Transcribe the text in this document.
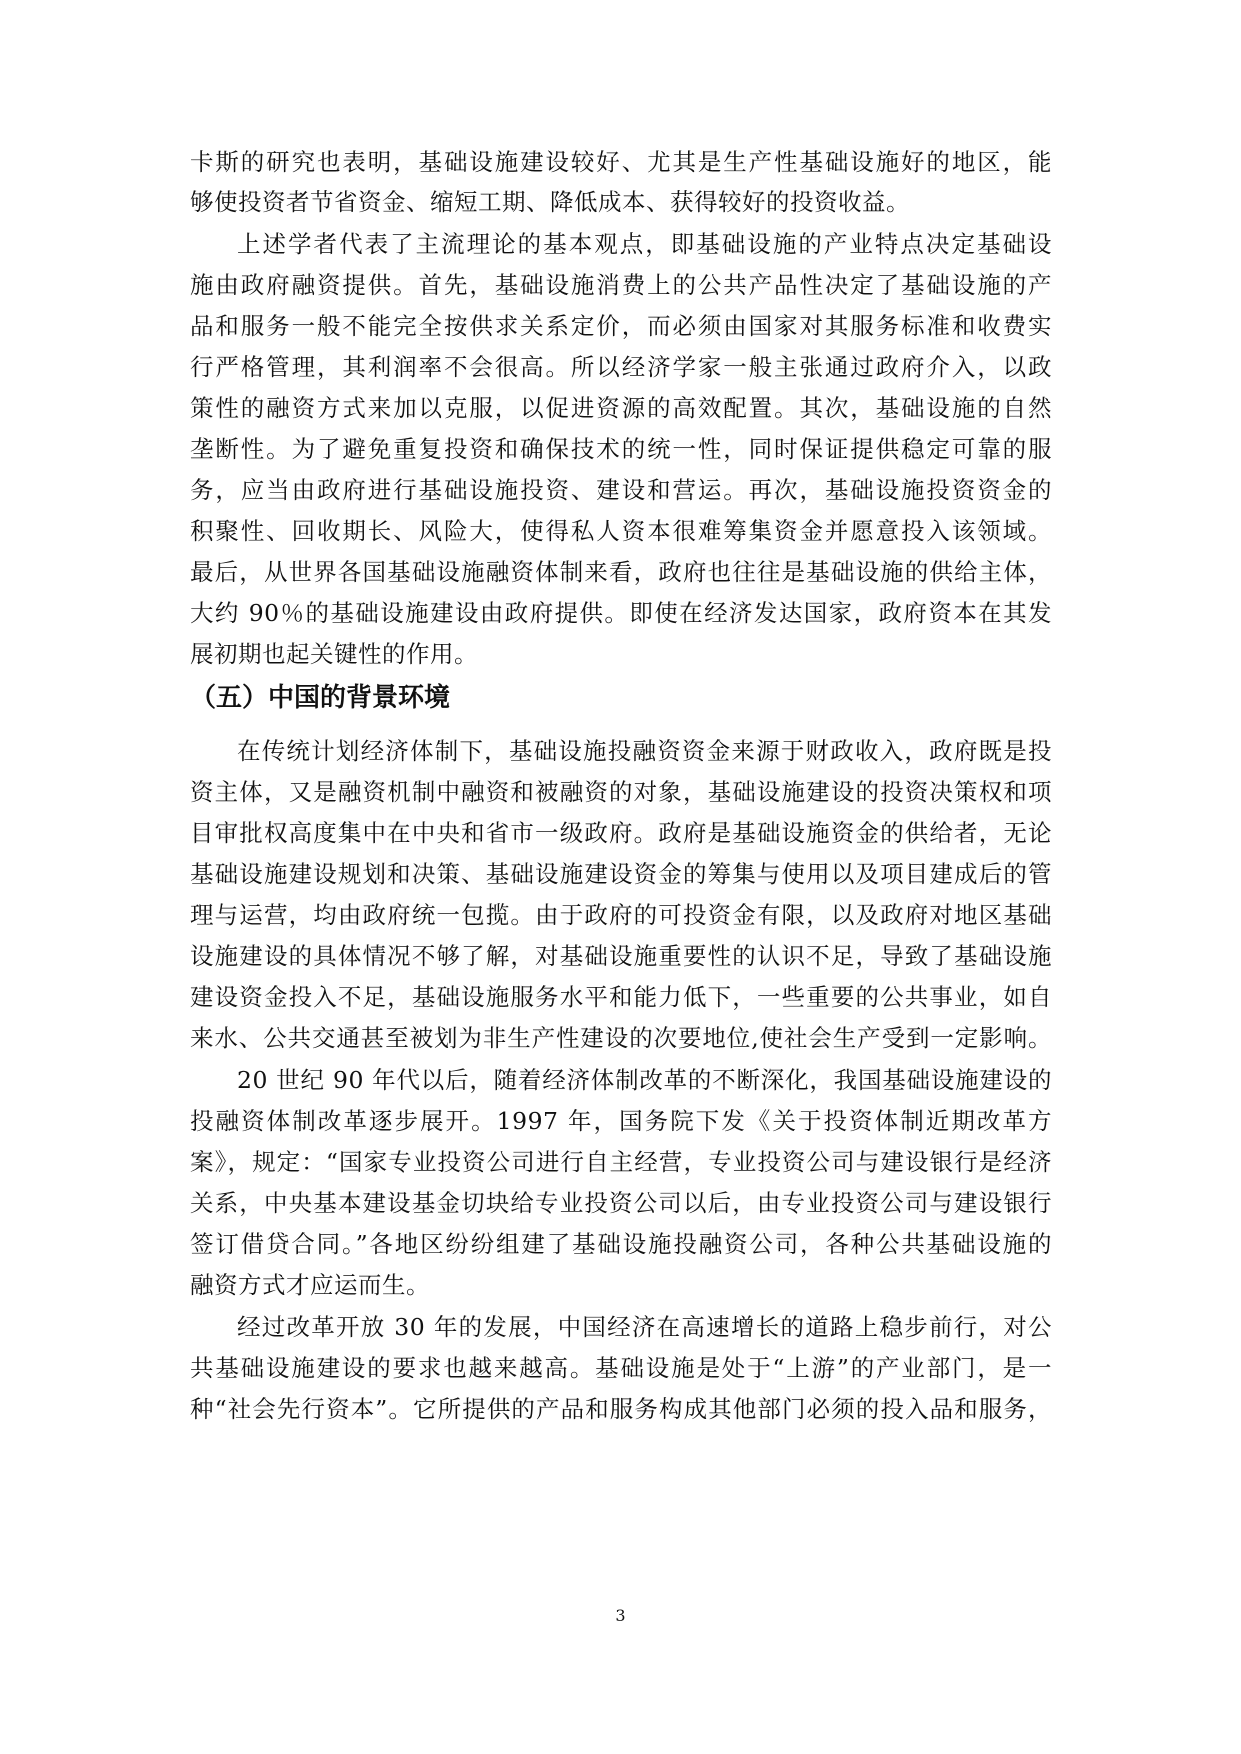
卡斯的研究也表明，基础设施建设较好、尤其是生产性基础设施好的地区，能
够使投资者节省资金、缩短工期、降低成本、获得较好的投资收益。
上述学者代表了主流理论的基本观点，即基础设施的产业特点决定基础设
施由政府融资提供。首先，基础设施消费上的公共产品性决定了基础设施的产
品和服务一般不能完全按供求关系定价，而必须由国家对其服务标准和收费实
行严格管理，其利润率不会很高。所以经济学家一般主张通过政府介入，以政
策性的融资方式来加以克服，以促进资源的高效配置。其次，基础设施的自然
垄断性。为了避免重复投资和确保技术的统一性，同时保证提供稳定可靠的服
务，应当由政府进行基础设施投资、建设和营运。再次，基础设施投资资金的
积聚性、回收期长、风险大，使得私人资本很难筹集资金并愿意投入该领域。
最后，从世界各国基础设施融资体制来看，政府也往往是基础设施的供给主体，
大约 90％的基础设施建设由政府提供。即使在经济发达国家，政府资本在其发
展初期也起关键性的作用。
（五）中国的背景环境
在传统计划经济体制下，基础设施投融资资金来源于财政收入，政府既是投
资主体，又是融资机制中融资和被融资的对象，基础设施建设的投资决策权和项
目审批权高度集中在中央和省市一级政府。政府是基础设施资金的供给者，无论
基础设施建设规划和决策、基础设施建设资金的筹集与使用以及项目建成后的管
理与运营，均由政府统一包揽。由于政府的可投资金有限，以及政府对地区基础
设施建设的具体情况不够了解，对基础设施重要性的认识不足，导致了基础设施
建设资金投入不足，基础设施服务水平和能力低下，一些重要的公共事业，如自
来水、公共交通甚至被划为非生产性建设的次要地位,使社会生产受到一定影响。
20 世纪 90 年代以后，随着经济体制改革的不断深化，我国基础设施建设的
投融资体制改革逐步展开。1997 年，国务院下发《关于投资体制近期改革方
案》，规定：“国家专业投资公司进行自主经营，专业投资公司与建设银行是经济
关系，中央基本建设基金切块给专业投资公司以后，由专业投资公司与建设银行
签订借贷合同。”各地区纷纷组建了基础设施投融资公司，各种公共基础设施的
融资方式才应运而生。
经过改革开放 30 年的发展，中国经济在高速增长的道路上稳步前行，对公
共基础设施建设的要求也越来越高。基础设施是处于“上游”的产业部门，是一
种“社会先行资本”。它所提供的产品和服务构成其他部门必须的投入品和服务，
3
